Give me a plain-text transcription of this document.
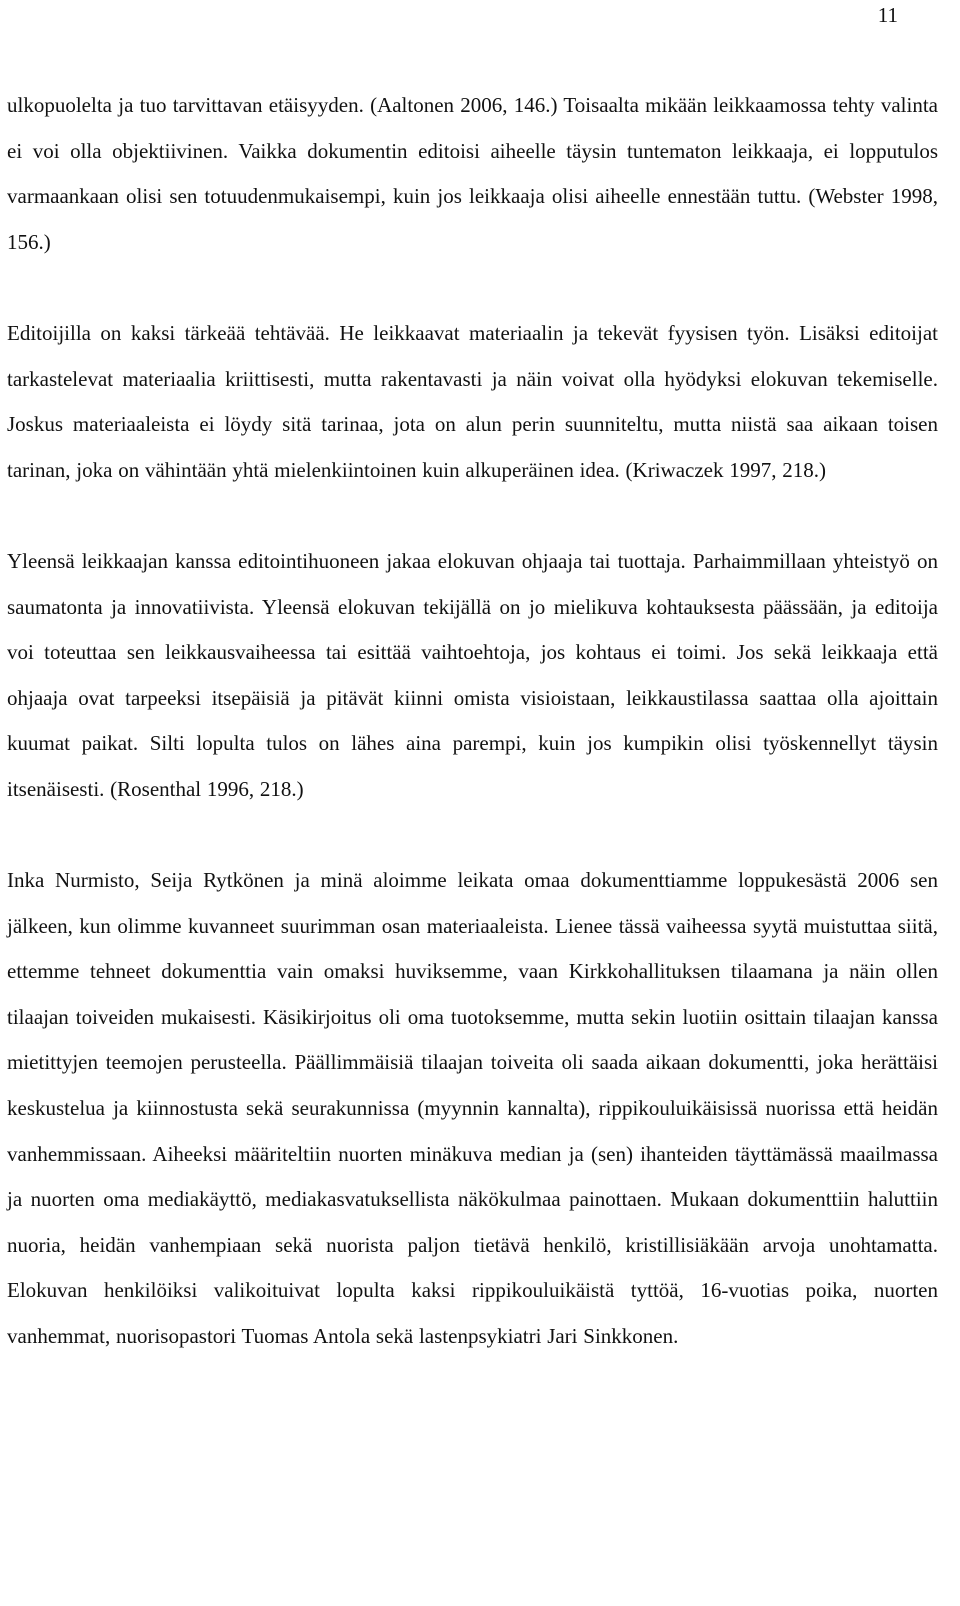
11

ulkopuolelta ja tuo tarvittavan etäisyyden. (Aaltonen 2006, 146.) Toisaalta mikään leikkaamossa tehty valinta ei voi olla objektiivinen. Vaikka dokumentin editoisi aiheelle täysin tuntematon leikkaaja, ei lopputulos varmaankaan olisi sen totuudenmukaisempi, kuin jos leikkaaja olisi aiheelle ennestään tuttu. (Webster 1998, 156.)

Editoijilla on kaksi tärkeää tehtävää. He leikkaavat materiaalin ja tekevät fyysisen työn. Lisäksi editoijat tarkastelevat materiaalia kriittisesti, mutta rakentavasti ja näin voivat olla hyödyksi elokuvan tekemiselle. Joskus materiaaleista ei löydy sitä tarinaa, jota on alun perin suunniteltu, mutta niistä saa aikaan toisen tarinan, joka on vähintään yhtä mielenkiintoinen kuin alkuperäinen idea. (Kriwaczek 1997, 218.)

Yleensä leikkaajan kanssa editointihuoneen jakaa elokuvan ohjaaja tai tuottaja. Parhaimmillaan yhteistyö on saumatonta ja innovatiivista. Yleensä elokuvan tekijällä on jo mielikuva kohtauksesta päässään, ja editoija voi toteuttaa sen leikkausvaiheessa tai esittää vaihtoehtoja, jos kohtaus ei toimi. Jos sekä leikkaaja että ohjaaja ovat tarpeeksi itsepäisiä ja pitävät kiinni omista visioistaan, leikkaustilassa saattaa olla ajoittain kuumat paikat. Silti lopulta tulos on lähes aina parempi, kuin jos kumpikin olisi työskennellyt täysin itsenäisesti. (Rosenthal 1996, 218.)

Inka Nurmisto, Seija Rytkönen ja minä aloimme leikata omaa dokumenttiamme loppukesästä 2006 sen jälkeen, kun olimme kuvanneet suurimman osan materiaaleista. Lienee tässä vaiheessa syytä muistuttaa siitä, ettemme tehneet dokumenttia vain omaksi huviksemme, vaan Kirkkohallituksen tilaamana ja näin ollen tilaajan toiveiden mukaisesti. Käsikirjoitus oli oma tuotoksemme, mutta sekin luotiin osittain tilaajan kanssa mietittyjen teemojen perusteella. Päällimmäisiä tilaajan toiveita oli saada aikaan dokumentti, joka herättäisi keskustelua ja kiinnostusta sekä seurakunnissa (myynnin kannalta), rippikouluikäisissä nuorissa että heidän vanhemmissaan. Aiheeksi määriteltiin nuorten minäkuva median ja (sen) ihanteiden täyttämässä maailmassa ja nuorten oma mediakäyttö, mediakasvatuksellista näkökulmaa painottaen. Mukaan dokumenttiin haluttiin nuoria, heidän vanhempiaan sekä nuorista paljon tietävä henkilö, kristillisiäkään arvoja unohtamatta. Elokuvan henkilöiksi valikoituivat lopulta kaksi rippikouluikäistä tyttöä, 16-vuotias poika, nuorten vanhemmat, nuorisopastori Tuomas Antola sekä lastenpsykiatri Jari Sinkkonen.
